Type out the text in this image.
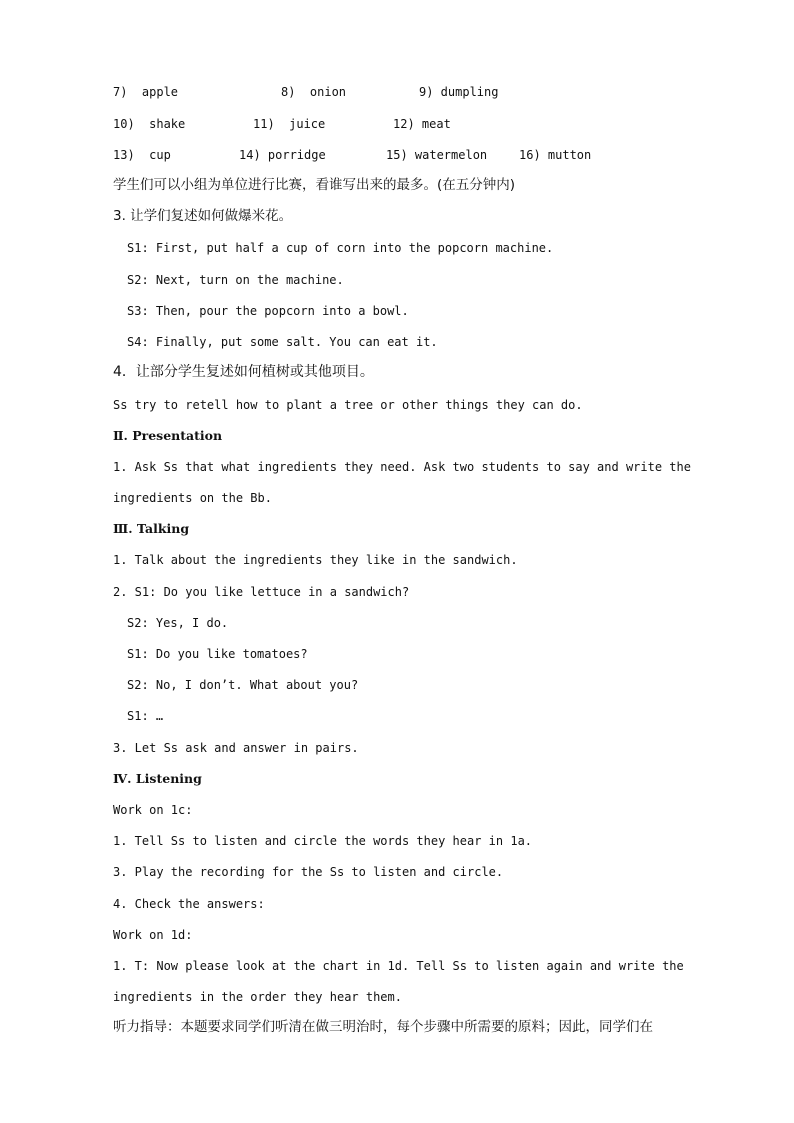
7)  apple	8)  onion	9) dumpling
10)  shake	11)  juice	12) meat
13)  cup	14) porridge	15) watermelon	16) mutton
学生们可以小组为单位进行比赛，看谁写出来的最多。(在五分钟内)
3. 让学们复述如何做爆米花。
S1: First, put half a cup of corn into the popcorn machine.
S2: Next, turn on the machine.
S3: Then, pour the popcorn into a bowl.
S4: Finally, put some salt. You can eat it.
4．让部分学生复述如何植树或其他项目。
Ss try to retell how to plant a tree or other things they can do.
Ⅱ. Presentation
1. Ask Ss that what ingredients they need. Ask two students to say and write the
ingredients on the Bb.
Ⅲ. Talking
1. Talk about the ingredients they like in the sandwich.
2. S1: Do you like lettuce in a sandwich?
S2: Yes, I do.
S1: Do you like tomatoes?
S2: No, I don’t. What about you?
S1: …
3. Let Ss ask and answer in pairs.
Ⅳ. Listening
Work on 1c:
1. Tell Ss to listen and circle the words they hear in 1a.
3. Play the recording for the Ss to listen and circle.
4. Check the answers:
Work on 1d:
1. T: Now please look at the chart in 1d. Tell Ss to listen again and write the
ingredients in the order they hear them.
听力指导：本题要求同学们听清在做三明治时，每个步骤中所需要的原料；因此，同学们在
